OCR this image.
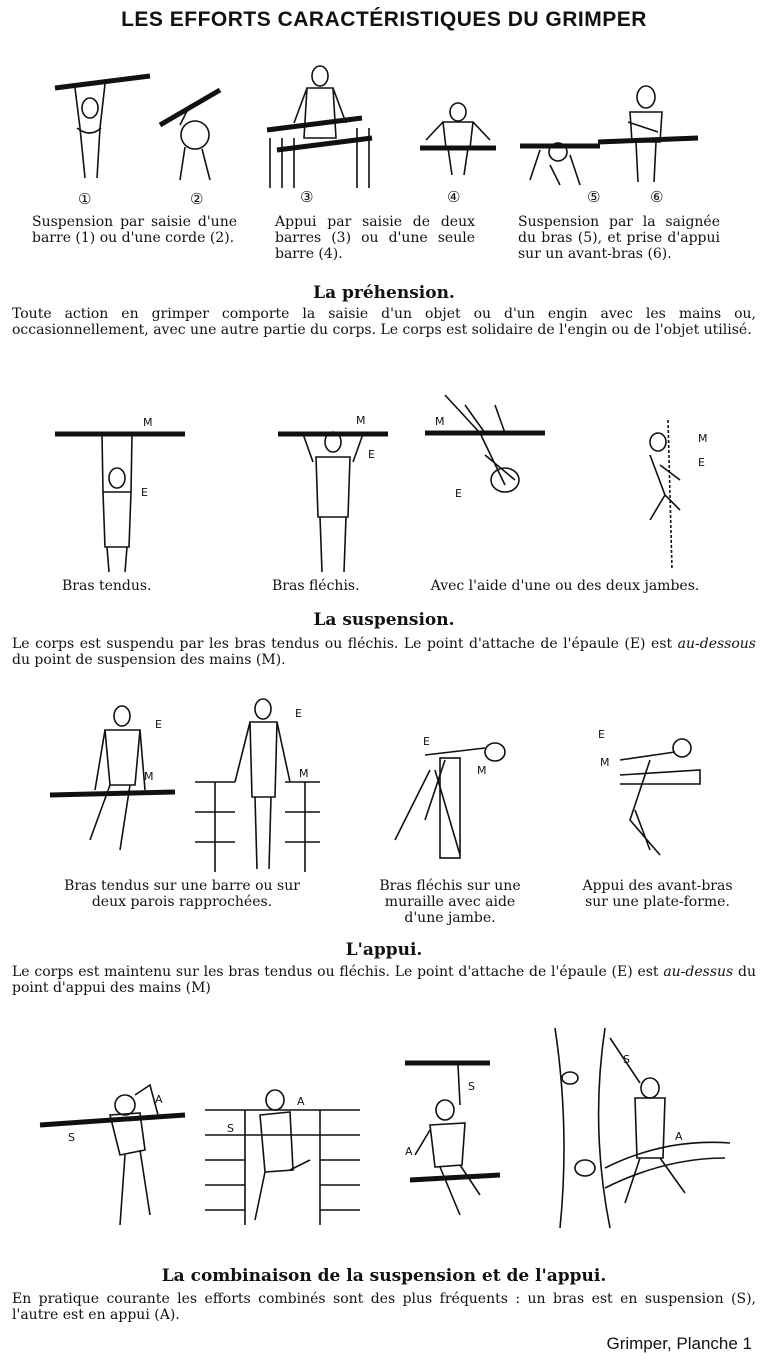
LES EFFORTS CARACTÉRISTIQUES DU GRIMPER
①	②	③	④	⑤	⑥
Suspension par saisie d'une barre (1) ou d'une corde (2).
Appui par saisie de deux barres (3) ou d'une seule barre (4).
Suspension par la saignée du bras (5), et prise d'appui sur un avant-bras (6).
La préhension.
Toute action en grimper comporte la saisie d'un objet ou d'un engin avec les mains ou, occasionnellement, avec une autre partie du corps. Le corps est solidaire de l'engin ou de l'objet utilisé.
M
E
M
E
M
E
M
E
Bras tendus.	Bras fléchis.	Avec l'aide d'une ou des deux jambes.
La suspension.
Le corps est suspendu par les bras tendus ou fléchis. Le point d'attache de l'épaule (E) est au-dessous du point de suspension des mains (M).
E
M
E
M
E
M
E
M
Bras tendus sur une barre ou sur deux parois rapprochées.
Bras fléchis sur une muraille avec aide d'une jambe.
Appui des avant-bras sur une plate-forme.
L'appui.
Le corps est maintenu sur les bras tendus ou fléchis. Le point d'attache de l'épaule (E) est au-dessus du point d'appui des mains (M)
A
S
A
S
S
A
S
A
La combinaison de la suspension et de l'appui.
En pratique courante les efforts combinés sont des plus fréquents : un bras est en suspension (S), l'autre est en appui (A).
Grimper, Planche 1
